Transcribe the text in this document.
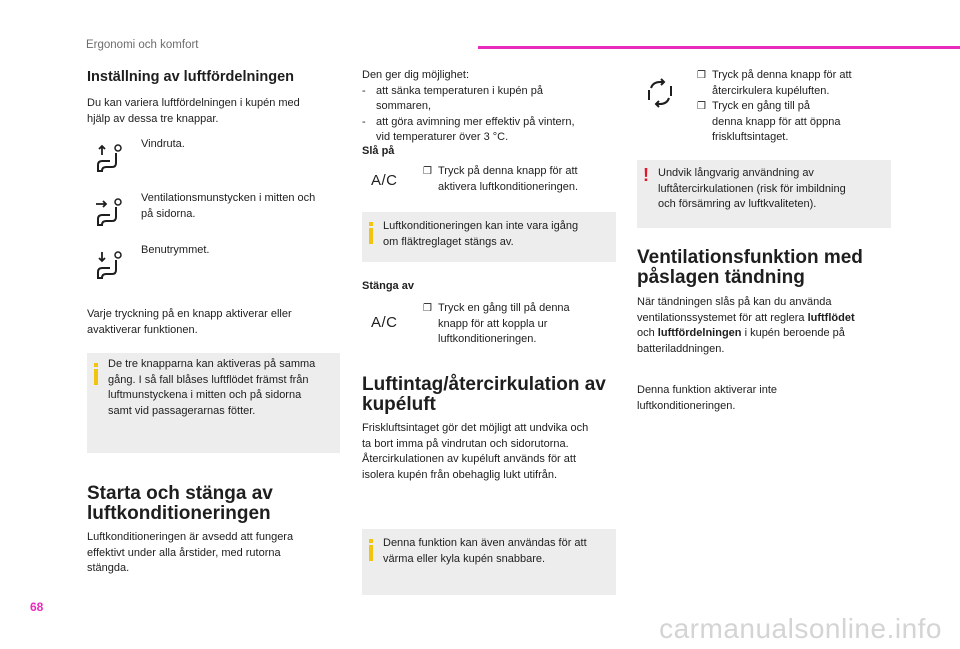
Ergonomi och komfort
Inställning av luftfördelningen
Du kan variera luftfördelningen i kupén med
hjälp av dessa tre knappar.
Vindruta.
Ventilationsmunstycken i mitten och
på sidorna.
Benutrymmet.
Varje tryckning på en knapp aktiverar eller
avaktiverar funktionen.
De tre knapparna kan aktiveras på samma
gång. I så fall blåses luftflödet främst från
luftmunstyckena i mitten och på sidorna
samt vid passagerarnas fötter.
Starta och stänga av
luftkonditioneringen
Luftkonditioneringen är avsedd att fungera
effektivt under alla årstider, med rutorna
stängda.
Den ger dig möjlighet:
- att sänka temperaturen i kupén på
sommaren,
- att göra avimning mer effektiv på vintern,
vid temperaturer över 3 °C.
Slå på
A/C
❒ Tryck på denna knapp för att
aktivera luftkonditioneringen.
Luftkonditioneringen kan inte vara igång
om fläktreglaget stängs av.
Stänga av
A/C
❒ Tryck en gång till på denna
knapp för att koppla ur
luftkonditioneringen.
Luftintag/återcirkulation av
kupéluft
Friskluftsintaget gör det möjligt att undvika och
ta bort imma på vindrutan och sidorutorna.
Återcirkulationen av kupéluft används för att
isolera kupén från obehaglig lukt utifrån.
Denna funktion kan även användas för att
värma eller kyla kupén snabbare.
❒ Tryck på denna knapp för att
återcirkulera kupéluften.
❒ Tryck en gång till på
denna knapp för att öppna
friskluftsintaget.
! Undvik långvarig användning av
luftåtercirkulationen (risk för imbildning
och försämring av luftkvaliteten).
Ventilationsfunktion med
påslagen tändning
När tändningen slås på kan du använda
ventilationssystemet för att reglera luftflödet
och luftfördelningen i kupén beroende på
batteriladdningen.
Denna funktion aktiverar inte
luftkonditioneringen.
68
carmanualsonline.info
